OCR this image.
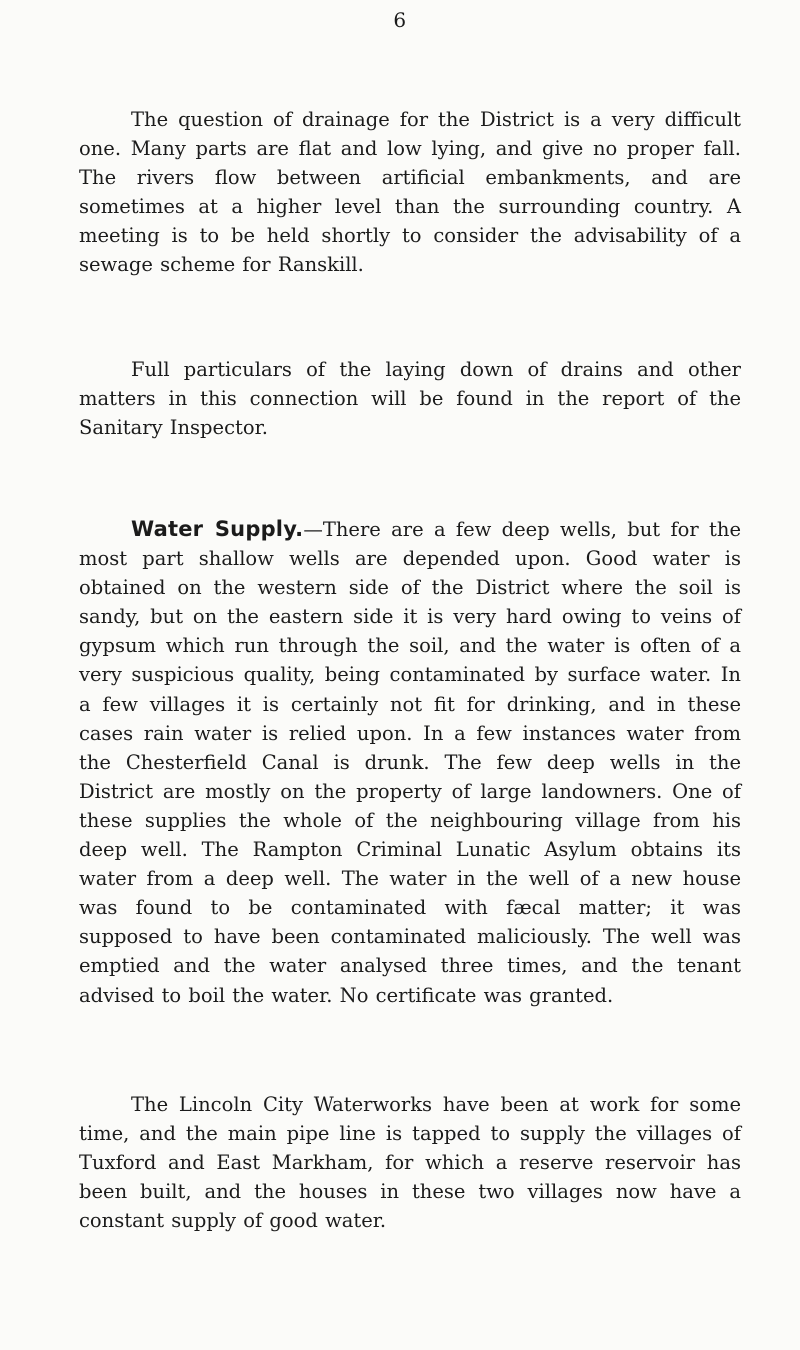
6

The question of drainage for the District is a very difficult one. Many parts are flat and low lying, and give no proper fall. The rivers flow between artificial embankments, and are sometimes at a higher level than the surrounding country. A meeting is to be held shortly to consider the advisability of a sewage scheme for Ranskill.

Full particulars of the laying down of drains and other matters in this connection will be found in the report of the Sanitary Inspector.

Water Supply.—There are a few deep wells, but for the most part shallow wells are depended upon. Good water is obtained on the western side of the District where the soil is sandy, but on the eastern side it is very hard owing to veins of gypsum which run through the soil, and the water is often of a very suspicious quality, being contaminated by surface water. In a few villages it is certainly not fit for drinking, and in these cases rain water is relied upon. In a few instances water from the Chesterfield Canal is drunk. The few deep wells in the District are mostly on the property of large landowners. One of these supplies the whole of the neighbouring village from his deep well. The Rampton Criminal Lunatic Asylum obtains its water from a deep well. The water in the well of a new house was found to be contaminated with fæcal matter; it was supposed to have been contaminated maliciously. The well was emptied and the water analysed three times, and the tenant advised to boil the water. No certificate was granted.

The Lincoln City Waterworks have been at work for some time, and the main pipe line is tapped to supply the villages of Tuxford and East Markham, for which a reserve reservoir has been built, and the houses in these two villages now have a constant supply of good water.
